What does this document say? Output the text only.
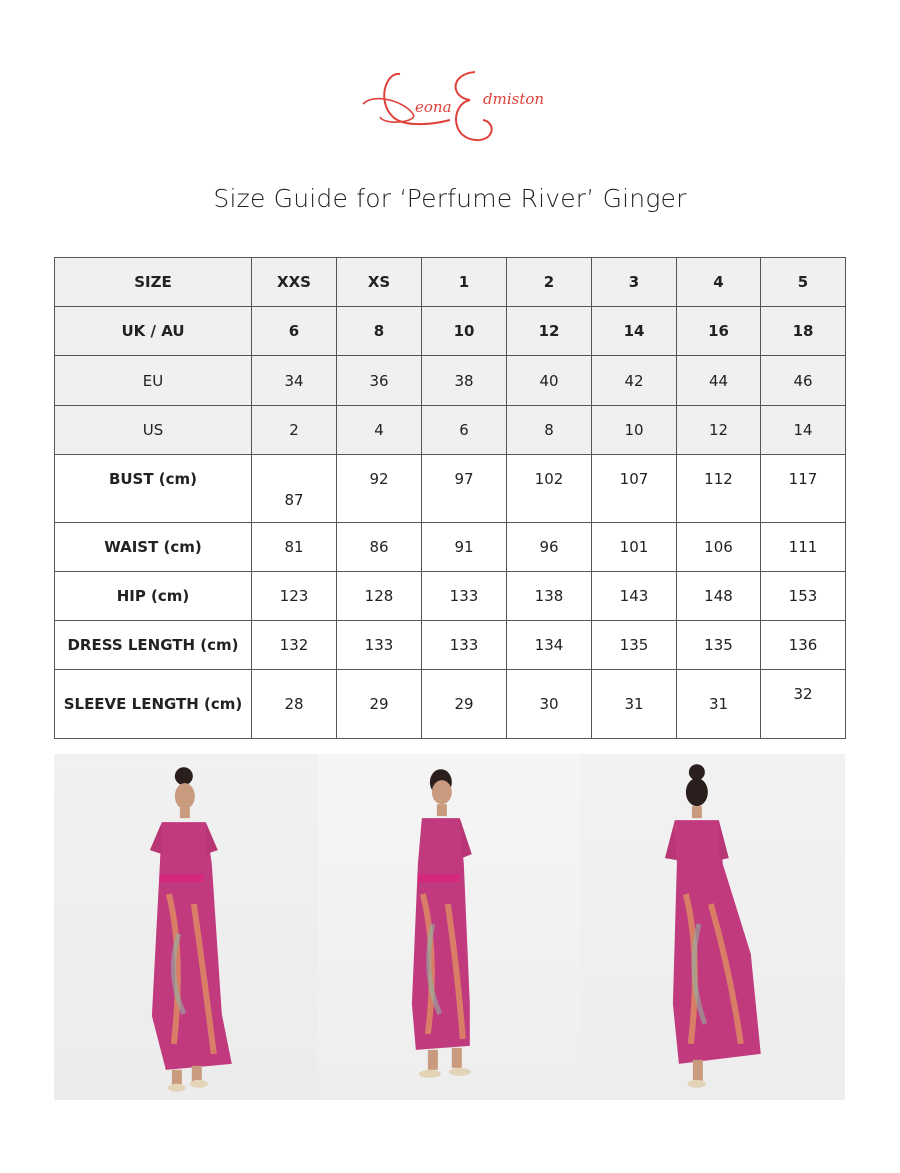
eona dmiston
Size Guide for ‘Perfume River’ Ginger
SIZE	XXS	XS	1	2	3	4	5
UK / AU	6	8	10	12	14	16	18
EU	34	36	38	40	42	44	46
US	2	4	6	8	10	12	14
BUST (cm)	87	92	97	102	107	112	117
WAIST (cm)	81	86	91	96	101	106	111
HIP (cm)	123	128	133	138	143	148	153
DRESS LENGTH (cm)	132	133	133	134	135	135	136
SLEEVE LENGTH (cm)	28	29	29	30	31	31	32
